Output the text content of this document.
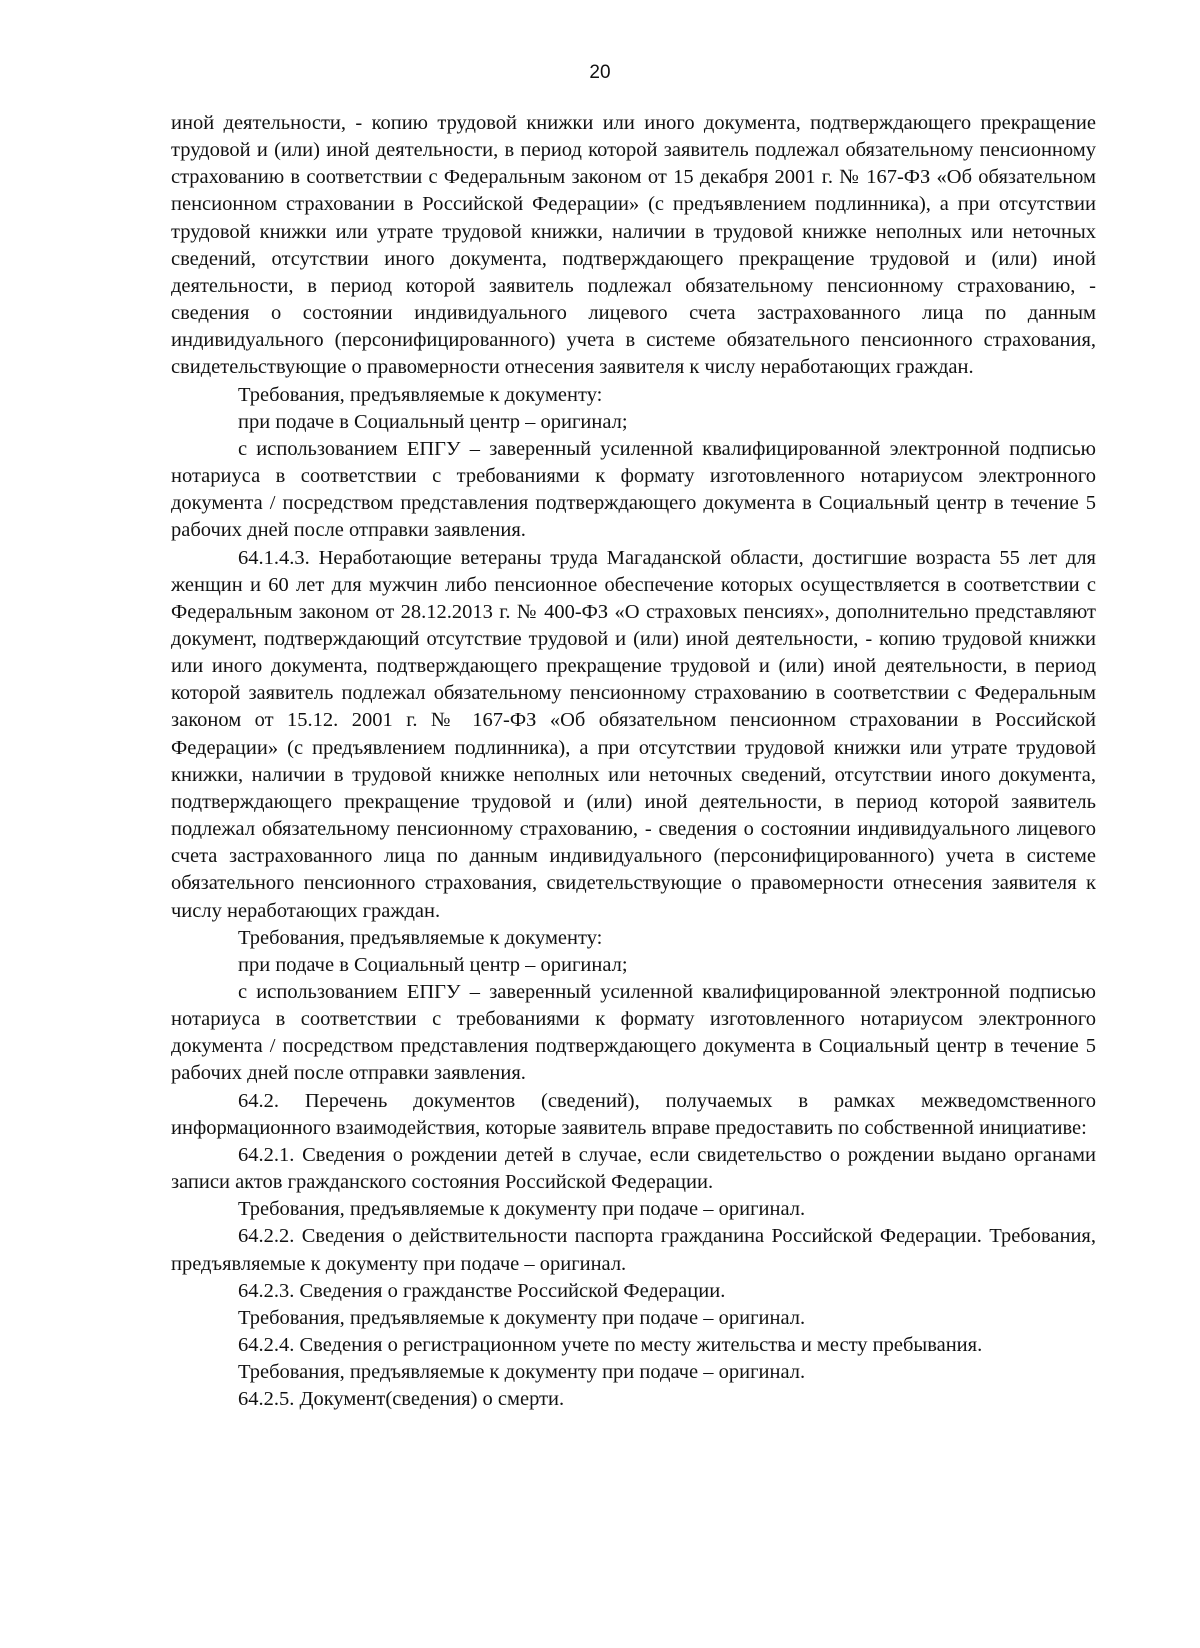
20

иной деятельности, - копию трудовой книжки или иного документа, подтверждающего прекращение трудовой и (или) иной деятельности, в период которой заявитель подлежал обязательному пенсионному страхованию в соответствии с Федеральным законом от 15 декабря 2001 г. № 167-ФЗ «Об обязательном пенсионном страховании в Российской Федерации» (с предъявлением подлинника), а при отсутствии трудовой книжки или утрате трудовой книжки, наличии в трудовой книжке неполных или неточных сведений, отсутствии иного документа, подтверждающего прекращение трудовой и (или) иной деятельности, в период которой заявитель подлежал обязательному пенсионному страхованию, - сведения о состоянии индивидуального лицевого счета застрахованного лица по данным индивидуального (персонифицированного) учета в системе обязательного пенсионного страхования, свидетельствующие о правомерности отнесения заявителя к числу неработающих граждан.

Требования, предъявляемые к документу:

при подаче в Социальный центр – оригинал;

с использованием ЕПГУ – заверенный усиленной квалифицированной электронной подписью нотариуса в соответствии с требованиями к формату изготовленного нотариусом электронного документа / посредством представления подтверждающего документа в Социальный центр в течение 5 рабочих дней после отправки заявления.

64.1.4.3. Неработающие ветераны труда Магаданской области, достигшие возраста 55 лет для женщин и 60 лет для мужчин либо пенсионное обеспечение которых осуществляется в соответствии с Федеральным законом от 28.12.2013 г. № 400-ФЗ «О страховых пенсиях», дополнительно представляют документ, подтверждающий отсутствие трудовой и (или) иной деятельности, - копию трудовой книжки или иного документа, подтверждающего прекращение трудовой и (или) иной деятельности, в период которой заявитель подлежал обязательному пенсионному страхованию в соответствии с Федеральным законом от 15.12. 2001 г. № 167-ФЗ «Об обязательном пенсионном страховании в Российской Федерации» (с предъявлением подлинника), а при отсутствии трудовой книжки или утрате трудовой книжки, наличии в трудовой книжке неполных или неточных сведений, отсутствии иного документа, подтверждающего прекращение трудовой и (или) иной деятельности, в период которой заявитель подлежал обязательному пенсионному страхованию, - сведения о состоянии индивидуального лицевого счета застрахованного лица по данным индивидуального (персонифицированного) учета в системе обязательного пенсионного страхования, свидетельствующие о правомерности отнесения заявителя к числу неработающих граждан.

Требования, предъявляемые к документу:

при подаче в Социальный центр – оригинал;

с использованием ЕПГУ – заверенный усиленной квалифицированной электронной подписью нотариуса в соответствии с требованиями к формату изготовленного нотариусом электронного документа / посредством представления подтверждающего документа в Социальный центр в течение 5 рабочих дней после отправки заявления.

64.2. Перечень документов (сведений), получаемых в рамках межведомственного информационного взаимодействия, которые заявитель вправе предоставить по собственной инициативе:

64.2.1. Сведения о рождении детей в случае, если свидетельство о рождении выдано органами записи актов гражданского состояния Российской Федерации.

Требования, предъявляемые к документу при подаче – оригинал.

64.2.2. Сведения о действительности паспорта гражданина Российской Федерации. Требования, предъявляемые к документу при подаче – оригинал.

64.2.3. Сведения о гражданстве Российской Федерации.

Требования, предъявляемые к документу при подаче – оригинал.

64.2.4. Сведения о регистрационном учете по месту жительства и месту пребывания.

Требования, предъявляемые к документу при подаче – оригинал.

64.2.5. Документ(сведения) о смерти.
